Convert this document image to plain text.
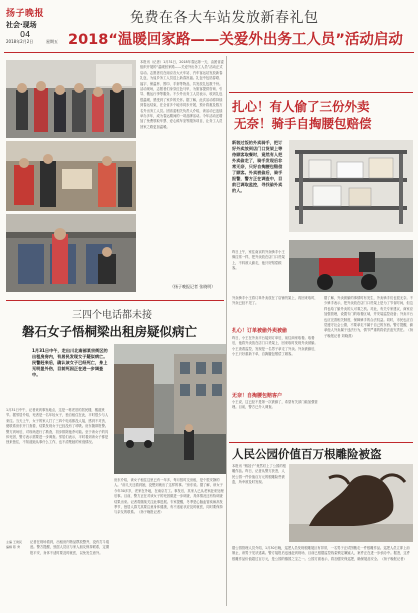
扬子晚报
社会·现场
04
2018年2月2日	星期五
免费在各大车站发放新春礼包
2018“温暖回家路——关爱外出务工人员”活动启动
本报讯（记者）1月31日，2018年春运第一天，由团省委组织开展的“温暖回家路——关爱外出务工人员”活动正式启动。志愿者们在南京各大火车站、汽车客运站发放新春礼包，为返乡务工人员送上新春祝福。礼包中包括春联、福字、保温杯、围巾、手套等物品，共发放礼包数千份。活动现场，志愿者们身穿红色马甲，为旅客提供咨询、引导、搬运行李等服务。不少外出务工人员表示，收到礼包很温暖，感受到了家乡的关怀。据了解，此次活动将持续到春运结束，在全省多个地市同步开展，预计将惠及数万名外出务工人员。团省委相关负责人介绍，该活动已连续举办多年，成为春运期间的一项品牌活动。今年活动还增加了免费领取车票、爱心候车室等服务项目，让务工人员回家之路更加温暖。
（扬子晚报记者 张晓明）
扎心！有人偷了三份外卖
无奈！骑手自掏腰包赔偿
新装过饭的外卖骑手，把订好外卖放到店门口货架上等待顾客取餐时，竟然有人把外卖偷走了，骑手发现后非常无奈，只好自掏腰包赔偿了顾客。外卖被偷后，骑手报警，警方正在调查中，目前已调取监控，寻找偷外卖的人。
昨日上午，家住南京的外卖骑手小王像往常一样，把外卖放在店门口货架上，不料被人偷走，他只好赔偿顾客。
外卖骑手小王将订单外卖放在了店铺货架上，再回来取时，外卖已经不见了。
扎心！订单被偷外卖被偷
昨日，小王在外卖平台接到订单后，前往商家取餐。取餐后，他将外卖放在店门口货架上，回来取时发现外卖被偷。小王查看监控，发现是一名男子拿走了外卖。外卖被偷后，小王只好重新下单，自掏腰包赔偿了顾客。
无奈！自掏腰包赔客户
小王说，这已经不是第一次被偷了，希望有关部门能加强管理。目前，警方已介入调查。
据了解，外卖被偷的事情时有发生，外卖骑手们也很无奈。不少骑手表示，把外卖放在店门口货架上是为了节省时间，但这样也给了偷外卖的人可乘之机。对此，有关专家建议，商家应加强管理，设置专门的取餐区域，并安装监控设备；外卖平台也应完善相关制度，保障骑手的合法权益。同时，市民也应自觉遵守社会公德，不要拿走不属于自己的东西。警方提醒，偷拿他人外卖属于违法行为，情节严重的将依法追究责任。（扬子晚报记者 刘晓燕）
人民公园价值百万根雕险被盗
本报讯 “贼娃子”竟然盯上了公园的根雕作品。昨日，记者从警方获悉，人民公园一件价值百万元的根雕险些被盗，所幸被及时发现。
据公园管理人员介绍，1月30日晚，巡逻人员发现根雕展区有异常，一名男子正试图搬走一件根雕作品。巡逻人员立即上前制止，该男子见状逃离。警方接报后迅速赶到现场，目前已根据监控线索锁定嫌疑人，案件正在进一步侦办中。据悉，这件根雕作品价值超过百万元，是公园的镇园之宝之一。公园方面表示，将加强安保巡逻，确保展品安全。（扬子晚报记者）
三四个电话都未接
磐石女子悟桐梁出租房疑似病亡
1月31日中午，走出川北南部某宗街区的出租房房内，有居民发现女子疑似病亡。民警赶来后，确认该女子已经死亡，身上无明显外伤，目前死因正在进一步调查中。
1月31日中午，记者来到事发地点，这是一栋老旧的居民楼，楼道狭窄。据邻居介绍，死者是一名年轻女子，独自租住在此，平时很少与人来往。当天上午，女子的家人打了三四个电话都没人接，感到不对劲，便联系房东开门查看，结果发现女子已经没有了呼吸。房东随即报警。警方到场后，对现场进行了勘查，初步排除他杀可能。至于该女子的具体死因，警方表示需要进一步调查。邻居们表示，平时看到该女子都是独来独往，不知道她从事什么工作，也不清楚她的家庭情况。
主编 王建民
编辑 陈 秀
记者在现场看到，出租房内物品摆放整齐，没有打斗痕迹。警方提醒，独居人员应与家人朋友保持联系，定期报平安，身体不适时要及时就医，以免发生意外。
房东介绍，该女子租住这里已有一年多，每月按时交房租，是个很安静的人。“前几天还看到她，没想到就出了这样的事。”房东说。据了解，该女子今年30多岁，老家在外地，在南京打工。事发后，其家人已从老家赶来处理后事。目前，警方正在对该女子的死因做进一步调查，具体情况还有待调查结果出来。记者将继续关注此事进展。专家提醒，冬季是心脑血管疾病高发季节，独居人群尤其要注意身体健康，有不适症状应及时就医，同时要保持与亲友的联系。（扬子晚报记者）
